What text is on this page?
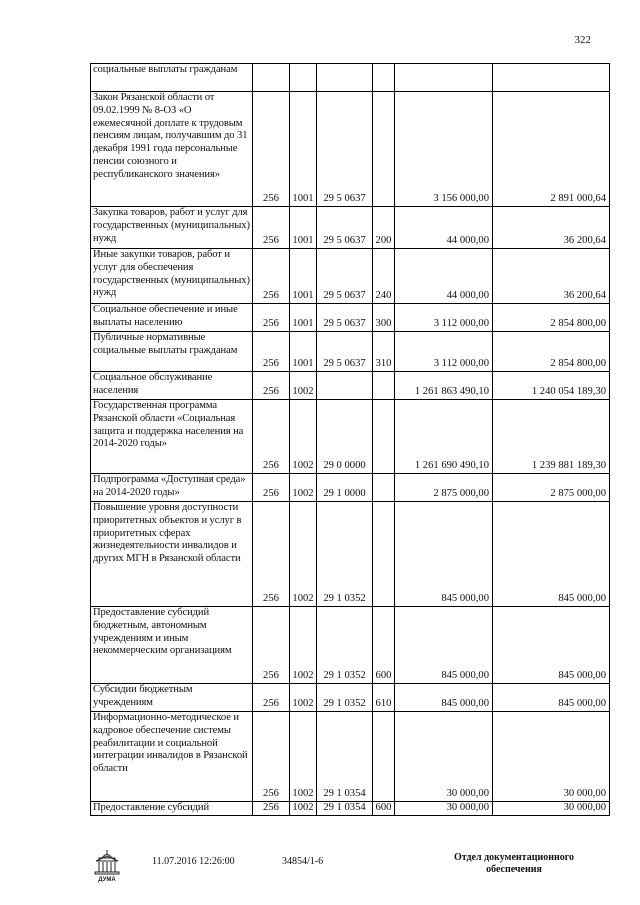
322
социальные выплаты гражданам						
Закон Рязанской области от 09.02.1999 № 8-ОЗ «О ежемесячной доплате к трудовым пенсиям лицам, получавшим до 31 декабря 1991 года персональные пенсии союзного и республиканского значения»	256	1001	29 5 0637		3 156 000,00	2 891 000,64
Закупка товаров, работ и услуг для государственных (муниципальных) нужд	256	1001	29 5 0637	200	44 000,00	36 200,64
Иные закупки товаров, работ и услуг для обеспечения государственных (муниципальных) нужд	256	1001	29 5 0637	240	44 000,00	36 200,64
Социальное обеспечение и иные выплаты населению	256	1001	29 5 0637	300	3 112 000,00	2 854 800,00
Публичные нормативные социальные выплаты гражданам	256	1001	29 5 0637	310	3 112 000,00	2 854 800,00
Социальное обслуживание населения	256	1002			1 261 863 490,10	1 240 054 189,30
Государственная программа Рязанской области «Социальная защита и поддержка населения на 2014-2020 годы»	256	1002	29 0 0000		1 261 690 490,10	1 239 881 189,30
Подпрограмма «Доступная среда» на 2014-2020 годы»	256	1002	29 1 0000		2 875 000,00	2 875 000,00
Повышение уровня доступности приоритетных объектов и услуг в приоритетных сферах жизнедеятельности инвалидов и других МГН в Рязанской области	256	1002	29 1 0352		845 000,00	845 000,00
Предоставление субсидий бюджетным, автономным учреждениям и иным некоммерческим организациям	256	1002	29 1 0352	600	845 000,00	845 000,00
Субсидии бюджетным учреждениям	256	1002	29 1 0352	610	845 000,00	845 000,00
Информационно-методическое и кадровое обеспечение системы реабилитации и социальной интеграции инвалидов в Рязанской области	256	1002	29 1 0354		30 000,00	30 000,00
Предоставление субсидий	256	1002	29 1 0354	600	30 000,00	30 000,00
ДУМА
11.07.2016 12:26:00	34854/1-6	Отдел документационного
обеспечения
